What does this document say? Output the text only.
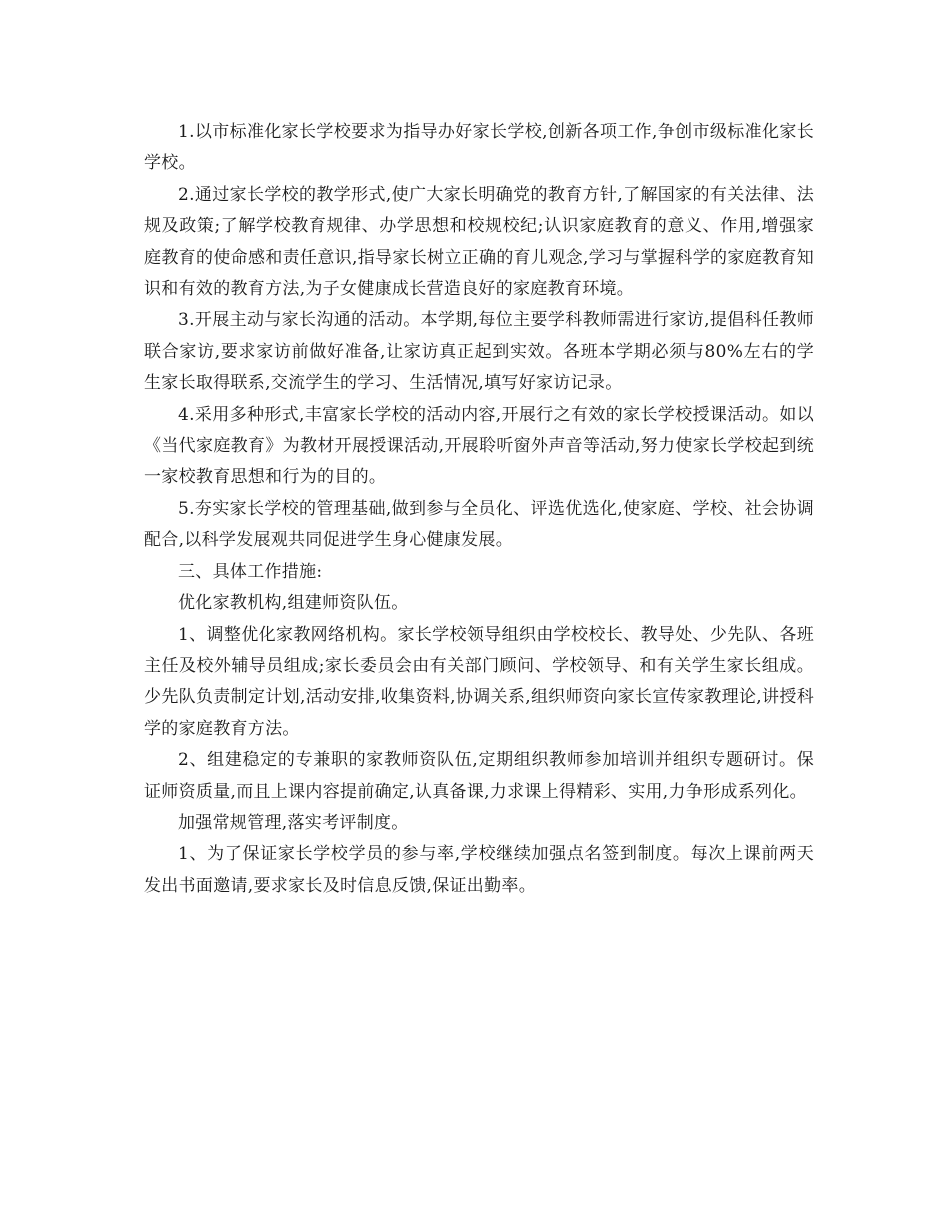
1.以市标准化家长学校要求为指导办好家长学校,创新各项工作,争创市级标准化家长学校。

2.通过家长学校的教学形式,使广大家长明确党的教育方针,了解国家的有关法律、法规及政策;了解学校教育规律、办学思想和校规校纪;认识家庭教育的意义、作用,增强家庭教育的使命感和责任意识,指导家长树立正确的育儿观念,学习与掌握科学的家庭教育知识和有效的教育方法,为子女健康成长营造良好的家庭教育环境。

3.开展主动与家长沟通的活动。本学期,每位主要学科教师需进行家访,提倡科任教师联合家访,要求家访前做好准备,让家访真正起到实效。各班本学期必须与80%左右的学生家长取得联系,交流学生的学习、生活情况,填写好家访记录。

4.采用多种形式,丰富家长学校的活动内容,开展行之有效的家长学校授课活动。如以《当代家庭教育》为教材开展授课活动,开展聆听窗外声音等活动,努力使家长学校起到统一家校教育思想和行为的目的。

5.夯实家长学校的管理基础,做到参与全员化、评选优选化,使家庭、学校、社会协调配合,以科学发展观共同促进学生身心健康发展。

三、具体工作措施:

优化家教机构,组建师资队伍。

1、调整优化家教网络机构。家长学校领导组织由学校校长、教导处、少先队、各班主任及校外辅导员组成;家长委员会由有关部门顾问、学校领导、和有关学生家长组成。少先队负责制定计划,活动安排,收集资料,协调关系,组织师资向家长宣传家教理论,讲授科学的家庭教育方法。

2、组建稳定的专兼职的家教师资队伍,定期组织教师参加培训并组织专题研讨。保证师资质量,而且上课内容提前确定,认真备课,力求课上得精彩、实用,力争形成系列化。

加强常规管理,落实考评制度。

1、为了保证家长学校学员的参与率,学校继续加强点名签到制度。每次上课前两天发出书面邀请,要求家长及时信息反馈,保证出勤率。
